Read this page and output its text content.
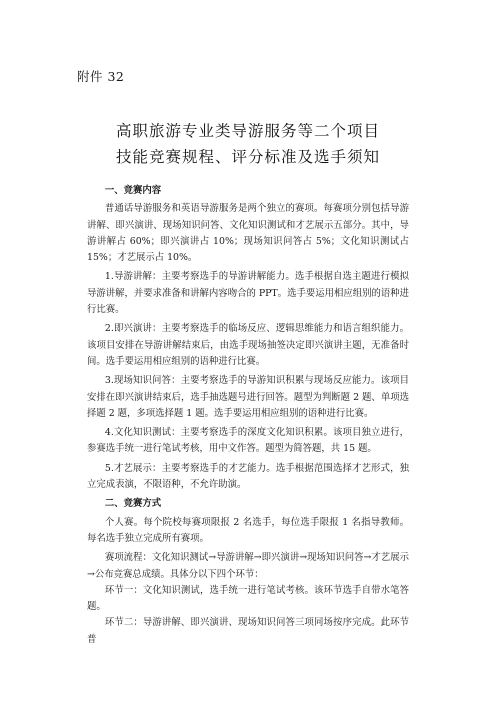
附件 32
高职旅游专业类导游服务等二个项目
技能竞赛规程、评分标准及选手须知
一、竞赛内容

普通话导游服务和英语导游服务是两个独立的赛项。每赛项分别包括导游讲解、即兴演讲、现场知识问答、文化知识测试和才艺展示五部分。其中，导游讲解占 60%；即兴演讲占 10%；现场知识问答占 5%；文化知识测试占 15%；才艺展示占 10%。

1.导游讲解：主要考察选手的导游讲解能力。选手根据自选主题进行模拟导游讲解，并要求准备和讲解内容吻合的 PPT。选手要运用相应组别的语种进行比赛。

2.即兴演讲：主要考察选手的临场反应、逻辑思维能力和语言组织能力。该项目安排在导游讲解结束后，由选手现场抽签决定即兴演讲主题，无准备时间。选手要运用相应组别的语种进行比赛。

3.现场知识问答：主要考察选手的导游知识积累与现场反应能力。该项目安排在即兴演讲结束后，选手抽选题号进行回答。题型为判断题 2 题、单项选择题 2 题，多项选择题 1 题。选手要运用相应组别的语种进行比赛。

4.文化知识测试：主要考察选手的深度文化知识积累。该项目独立进行，参赛选手统一进行笔试考核，用中文作答。题型为简答题，共 15 题。

5.才艺展示：主要考察选手的才艺能力。选手根据范围选择才艺形式，独立完成表演，不限语种，不允许助演。

二、竞赛方式

个人赛。每个院校每赛项限报 2 名选手，每位选手限报 1 名指导教师。每名选手独立完成所有赛项。

赛项流程：文化知识测试→导游讲解→即兴演讲→现场知识问答→才艺展示→公布竞赛总成绩。具体分以下四个环节：

环节一：文化知识测试，选手统一进行笔试考核。该环节选手自带水笔答题。

环节二：导游讲解、即兴演讲、现场知识问答三项同场按序完成。此环节普
